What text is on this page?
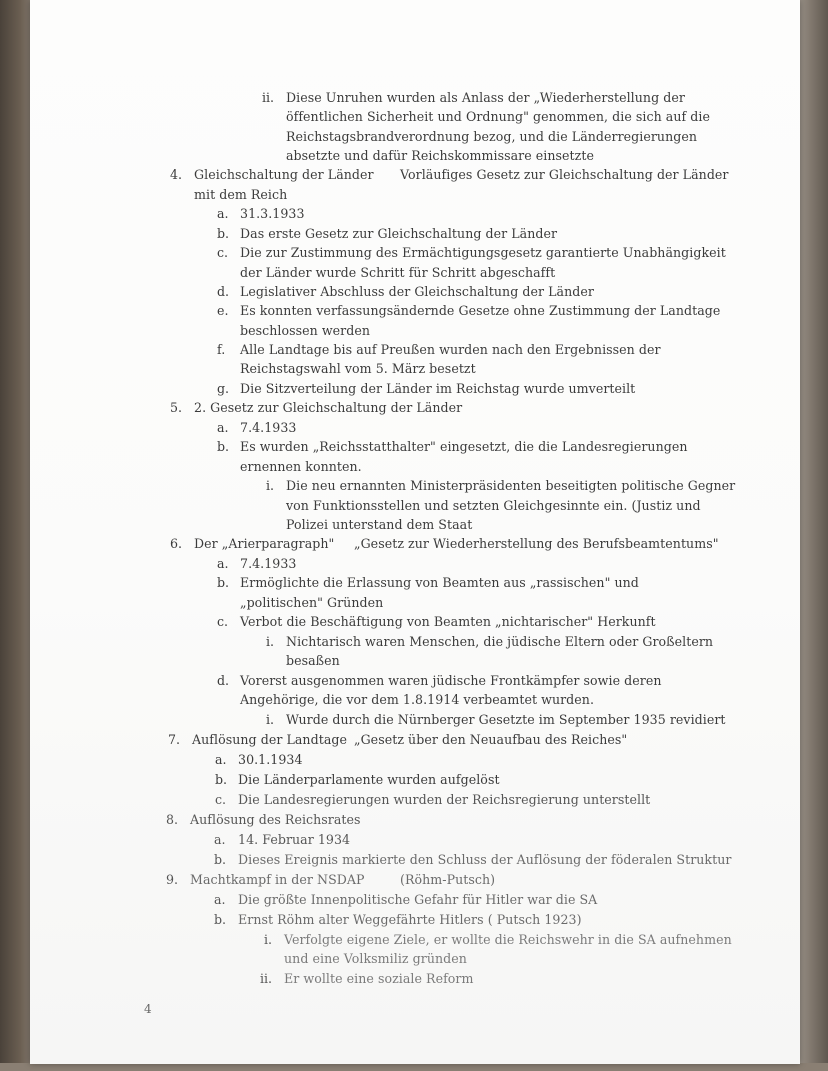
4
ii. Diese Unruhen wurden als Anlass der „Wiederherstellung der
öffentlichen Sicherheit und Ordnung" genommen, die sich auf die
Reichstagsbrandverordnung bezog, und die Länderregierungen
absetzte und dafür Reichskommissare einsetzte
4. Gleichschaltung der Länder Vorläufiges Gesetz zur Gleichschaltung der Länder
mit dem Reich
a. 31.3.1933
b. Das erste Gesetz zur Gleichschaltung der Länder
c. Die zur Zustimmung des Ermächtigungsgesetz garantierte Unabhängigkeit
der Länder wurde Schritt für Schritt abgeschafft
d. Legislativer Abschluss der Gleichschaltung der Länder
e. Es konnten verfassungsändernde Gesetze ohne Zustimmung der Landtage
beschlossen werden
f. Alle Landtage bis auf Preußen wurden nach den Ergebnissen der
Reichstagswahl vom 5. März besetzt
g. Die Sitzverteilung der Länder im Reichstag wurde umverteilt
5. 2. Gesetz zur Gleichschaltung der Länder
a. 7.4.1933
b. Es wurden „Reichsstatthalter" eingesetzt, die die Landesregierungen
ernennen konnten.
i. Die neu ernannten Ministerpräsidenten beseitigten politische Gegner
von Funktionsstellen und setzten Gleichgesinnte ein. (Justiz und
Polizei unterstand dem Staat
6. Der „Arierparagraph" „Gesetz zur Wiederherstellung des Berufsbeamtentums"
a. 7.4.1933
b. Ermöglichte die Erlassung von Beamten aus „rassischen" und
„politischen" Gründen
c. Verbot die Beschäftigung von Beamten „nichtarischer" Herkunft
i. Nichtarisch waren Menschen, die jüdische Eltern oder Großeltern
besaßen
d. Vorerst ausgenommen waren jüdische Frontkämpfer sowie deren
Angehörige, die vor dem 1.8.1914 verbeamtet wurden.
i. Wurde durch die Nürnberger Gesetzte im September 1935 revidiert
7. Auflösung der Landtage „Gesetz über den Neuaufbau des Reiches"
a. 30.1.1934
b. Die Länderparlamente wurden aufgelöst
c. Die Landesregierungen wurden der Reichsregierung unterstellt
8. Auflösung des Reichsrates
a. 14. Februar 1934
b. Dieses Ereignis markierte den Schluss der Auflösung der föderalen Struktur
9. Machtkampf in der NSDAP	(Röhm-Putsch)
a. Die größte Innenpolitische Gefahr für Hitler war die SA
b. Ernst Röhm alter Weggefährte Hitlers ( Putsch 1923)
i. Verfolgte eigene Ziele, er wollte die Reichswehr in die SA aufnehmen
und eine Volksmiliz gründen
ii. Er wollte eine soziale Reform
